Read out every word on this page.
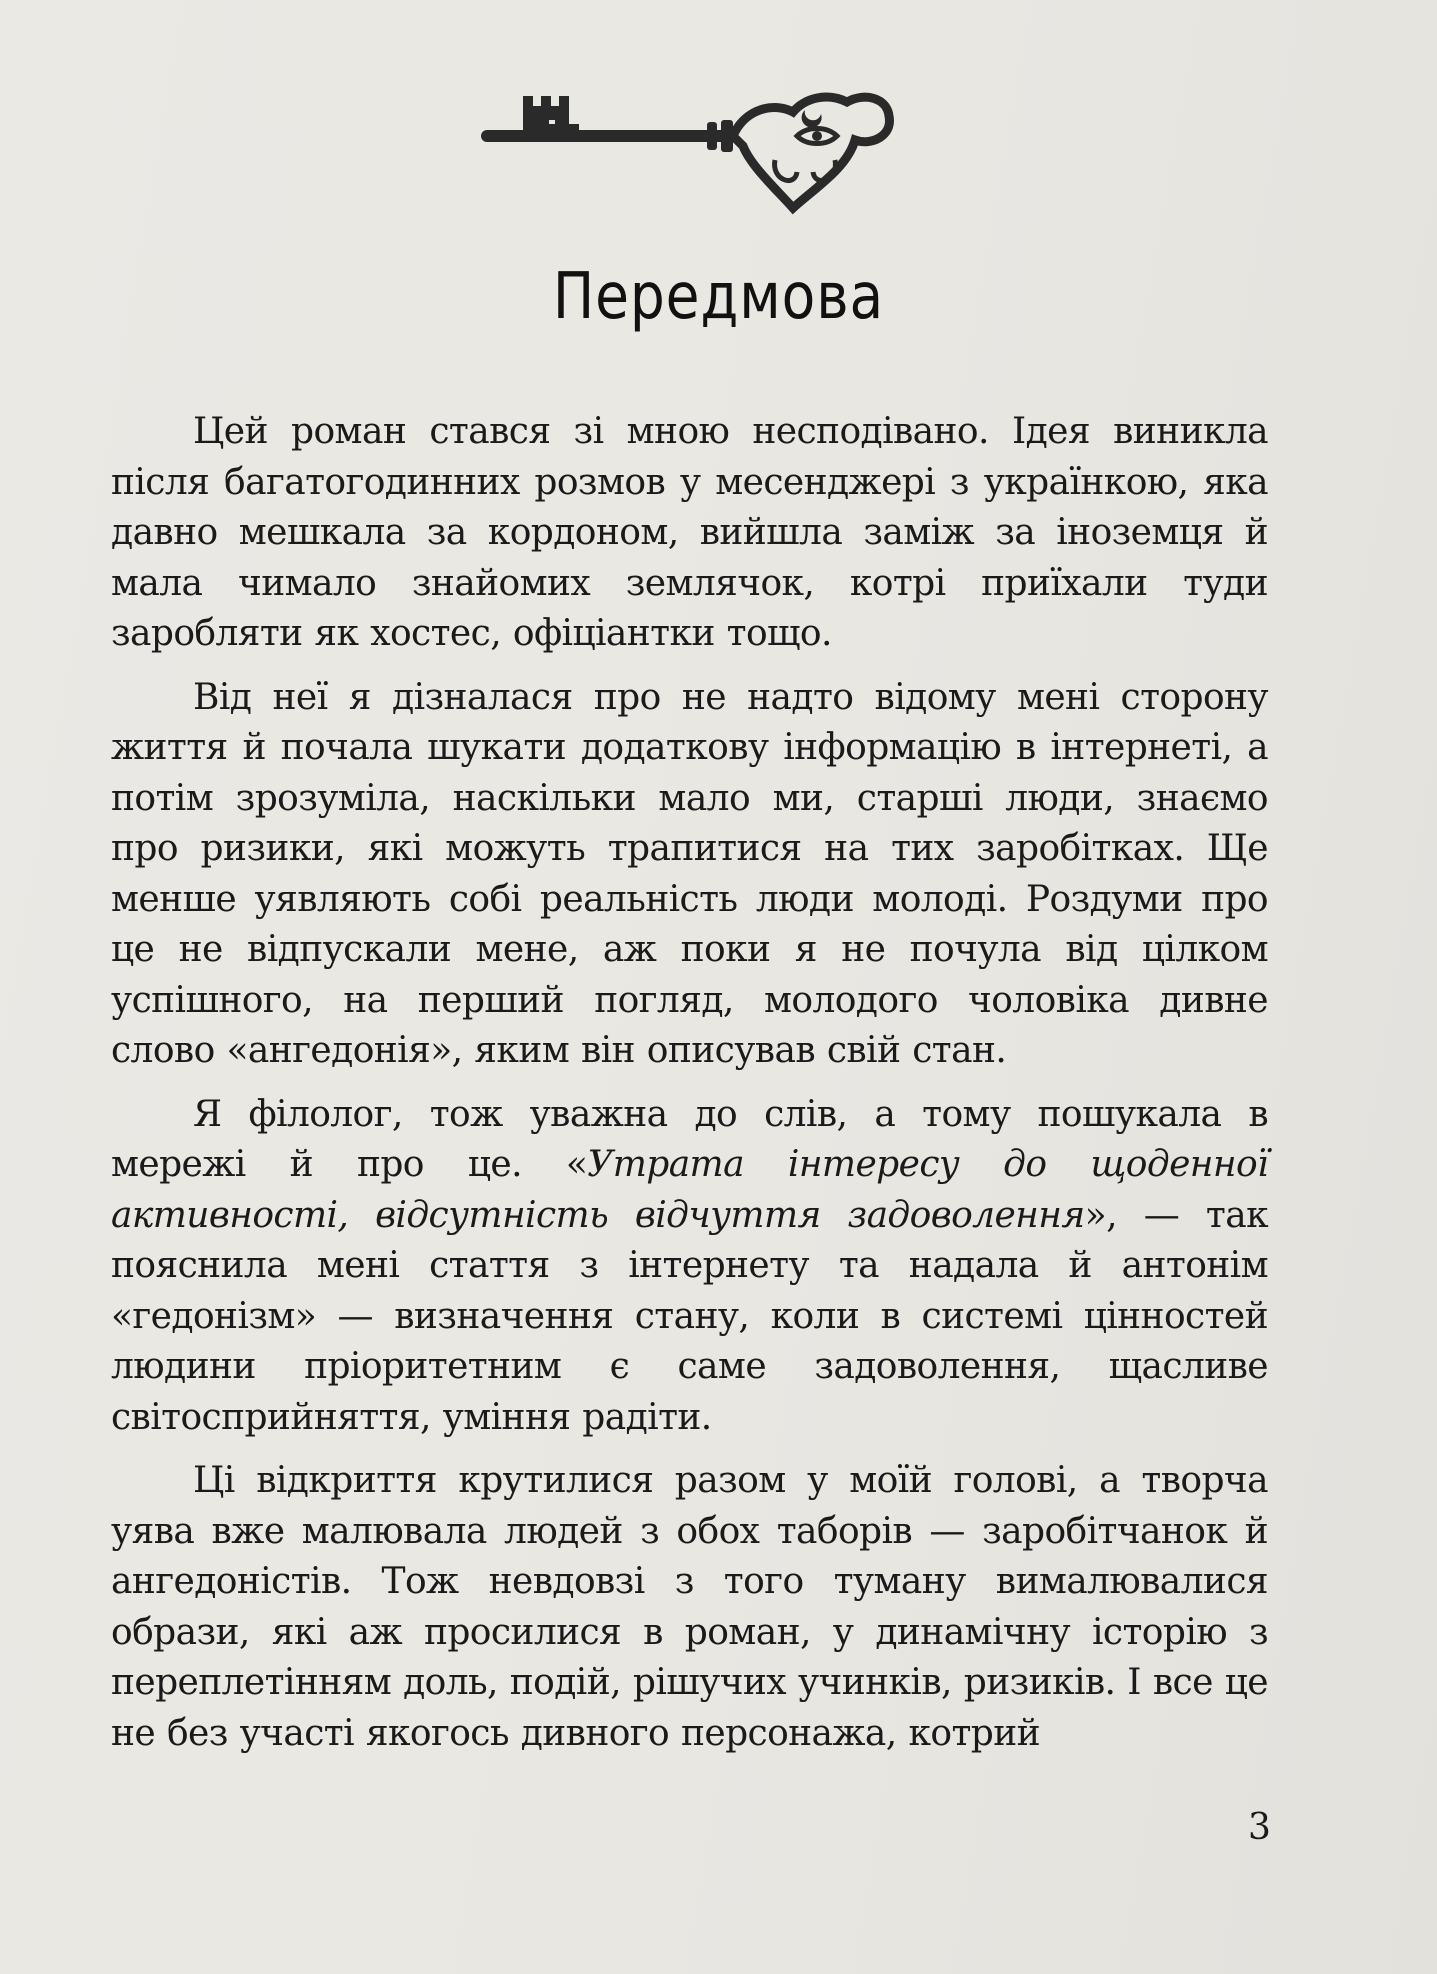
Передмова

Цей роман стався зі мною несподівано. Ідея виникла після багатогодинних розмов у месенджері з українкою, яка давно мешкала за кордоном, вийшла заміж за іноземця й мала чимало знайомих землячок, котрі приїхали туди заробляти як хостес, офіціантки тощо.

Від неї я дізналася про не надто відому мені сторону життя й почала шукати додаткову інформацію в інтернеті, а потім зрозуміла, наскільки мало ми, старші люди, знаємо про ризики, які можуть трапитися на тих заробітках. Ще менше уявляють собі реальність люди молоді. Роздуми про це не відпускали мене, аж поки я не почула від цілком успішного, на перший погляд, молодого чоловіка дивне слово «ангедонія», яким він описував свій стан.

Я філолог, тож уважна до слів, а тому пошукала в мережі й про це. «Утрата інтересу до щоденної активності, відсутність відчуття задоволення», — так пояснила мені стаття з інтернету та надала й антонім «гедонізм» — визначення стану, коли в системі цінностей людини пріоритетним є саме задоволення, щасливе світосприйняття, уміння радіти.

Ці відкриття крутилися разом у моїй голові, а творча уява вже малювала людей з обох таборів — заробітчанок й ангедоністів. Тож невдовзі з того туману вималювалися образи, які аж просилися в роман, у динамічну історію з переплетінням доль, подій, рішучих учинків, ризиків. І все це не без участі якогось дивного персонажа, котрий

3
